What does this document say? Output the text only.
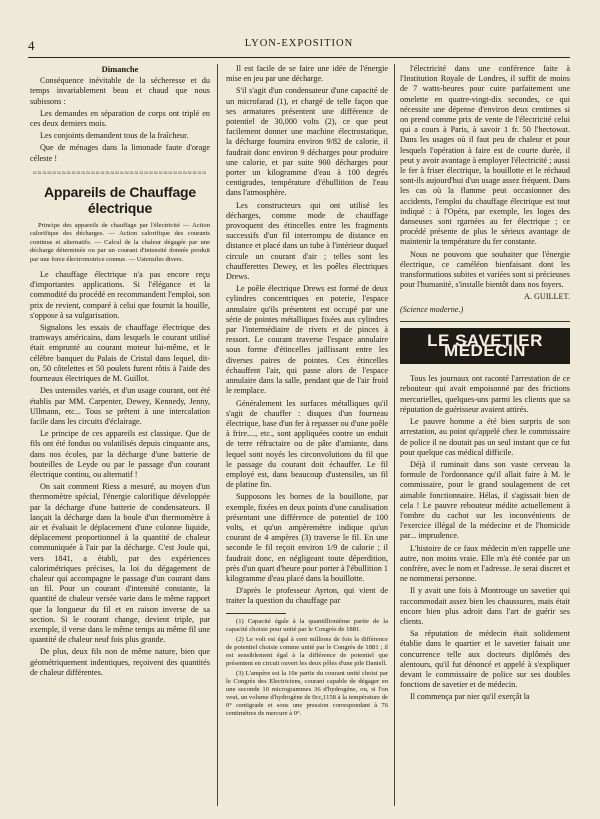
4	LYON-EXPOSITION

Dimanche

Conséquence inévitable de la sécheresse et du temps invariablement beau et chaud que nous subissons :

Les demandes en séparation de corps ont triplé en ces deux derniers mois.

Les conjoints demandent tous de la fraîcheur.

Que de ménages dans la limonade faute d'orage céleste !

≈≈≈≈≈≈≈≈≈≈≈≈≈≈≈≈≈≈≈≈≈≈≈≈≈≈≈≈≈≈≈≈≈≈≈≈

Appareils de Chauffage électrique

Principe des appareils de chauffage par l'électricité — Action calorifique des décharges. — Action calorifique des courants continus et alternatifs. — Calcul de la chaleur dégagée par une décharge déterminée ou par un courant d'intensité donnée produit par une force électromotrice connue. — Ustensiles divers.

Le chauffage électrique n'a pas encore reçu d'importantes applications. Si l'élégance et la commodité du procédé en recommandent l'emploi, son prix de revient, comparé à celui que fournit la houille, s'oppose à sa vulgarisation.

Signalons les essais de chauffage électrique des tramways américains, dans lesquels le courant utilisé était emprunté au courant moteur lui-même, et le célèbre banquet du Palais de Cristal dans lequel, dit-on, 50 côtelettes et 50 poulets furent rôtis à l'aide des fourneaux électriques de M. Guillot.

Des ustensiles variés, et d'un usage courant, ont été établis par MM. Carpenter, Dewey, Kennedy, Jenny, Ullmann, etc... Tous se prêtent à une intercalation facile dans les circuits d'éclairage.

Le principe de ces appareils est classique. Que de fils ont été fondus ou volatilisés depuis cinquante ans, dans nos écoles, par la décharge d'une batterie de bouteilles de Leyde ou par le passage d'un courant électrique continu, ou alternatif !

On sait comment Riess a mesuré, au moyen d'un thermomètre spécial, l'énergie calorifique développée par la décharge d'une batterie de condensateurs. Il lançait la décharge dans la boule d'un thermomètre à air et évaluait le déplacement d'une colonne liquide, déplacement proportionnel à la quantité de chaleur communiquée à l'air par la décharge. C'est Joule qui, vers 1841, a établi, par des expériences calorimétriques précises, la loi du dégagement de chaleur qui accompagne le passage d'un courant dans un fil. Pour un courant d'intensité constante, la quantité de chaleur versée varie dans le même rapport que la longueur du fil et en raison inverse de sa section. Si le courant change, devient triple, par exemple, il verse dans le même temps au même fil une quantité de chaleur neuf fois plus grande.

De plus, deux fils non de même nature, bien que géométriquement indentiques, reçoivent des quantités de chaleur différentes.

Il est facile de se faire une idée de l'énergie mise en jeu par une décharge.

S'il s'agit d'un condensateur d'une capacité de un microfarad (1), et chargé de telle façon que ses armatures présentent une différence de potentiel de 30,000 volts (2), ce que peut facilement donner une machine électrostatique, la décharge fournira environ 9/82 de calorie, il faudrait donc environ 9 décharges pour produire une calorie, et par suite 900 décharges pour porter un kilogramme d'eau à 100 degrés centigrades, température d'ébullition de l'eau dans l'atmosphère.

Les constructeurs qui ont utilisé les décharges, comme mode de chauffage provoquent des étincelles entre les fragments successifs d'un fil interrompu de distance en distance et placé dans un tube à l'intérieur duquel circule un courant d'air ; telles sont les chaufferettes Dewey, et les poêles électriques Drews.

Le poêle électrique Drews est formé de deux cylindres concentriques en poterie, l'espace annulaire qu'ils présentent est occupé par une série de pointes métalliques fixées aux cylindres par l'intermédiaire de rivets et de pinces à ressort. Le courant traverse l'espace annulaire sous forme d'étincelles jaillissant entre les diverses paires de pointes. Ces étincelles échauffent l'air, qui passe alors de l'espace annulaire dans la salle, pendant que de l'air froid le remplace.

Généralement les surfaces métalliques qu'il s'agit de chauffer : disques d'un fourneau électrique, base d'un fer à repasser ou d'une poêle à frire...., etc., sont appliquées contre un enduit de terre réfractaire ou de pâte d'amiante, dans lequel sont noyés les circonvolutions du fil que le passage du courant doit échauffer. Le fil employé est, dans beaucoup d'ustensiles, un fil de platine fin.

Supposons les bornes de la bouillotte, par exemple, fixées en deux points d'une canalisation présentant une différence de potentiel de 100 volts, et qu'un ampèremètre indique qu'un courant de 4 ampères (3) traverse le fil. En une seconde le fil reçoit environ 1/9 de calorie ; il faudrait donc, en négligeant toute déperdition, près d'un quart d'heure pour porter à l'ébullition 1 kilogramme d'eau placé dans la bouillotte.

D'après le professeur Ayrton, qui vient de traiter la question du chauffage par

(1) Capacité égale à la quantillionième partie de la capacité choisie pour unité par le Congrès de 1881.

(2) Le volt est égal à cent millions de fois la différence de potentiel choisie comme unité par le Congrès de 1881 ; il est sensiblement égal à la différence de potentiel que présentent en circuit ouvert les deux pôles d'une pile Daniell.

(3) L'ampère est la 10e partie du courant unité choisi par le Congrès des Electriciens, courant capable de dégager en une seconde 10 microgrammes 36 d'hydrogène, ou, si l'on veut, un volume d'hydrogène de 0cc,1158 à la température de 0° centigrade et sous une pression correspondant à 76 centimètres de mercure à 0°.

l'électricité dans une conférence faite à l'Institution Royale de Londres, il suffit de moins de 7 watts-heures pour cuire parfaitement une omelette en quatre-vingt-dix secondes, ce qui nécessite une dépense d'environ deux centimes si on prend comme prix de vente de l'électricité celui qui a cours à Paris, à savoir 1 fr. 50 l'hectowat. Dans les usages où il faut peu de chaleur et pour lesquels l'opération à faire est de courte durée, il peut y avoir avantage à employer l'électricité ; aussi le fer à friser électrique, la bouillotte et le réchaud sont-ils aujourd'hui d'un usage assez fréquent. Dans les cas où la flamme peut occasionner des accidents, l'emploi du chauffage électrique est tout indiqué : à l'Opéra, par exemple, les loges des danseuses sont rgarnées au fer électrique ; ce procédé présente de plus le sérieux avantage de maintenir la température du fer constante.

Nous ne pouvons que souhaiter que l'énergie électrique, ce caméléon bienfaisant dont les transformations subites et variées sont si précieuses pour l'humanité, s'installe bientôt dans nos foyers.

A. GUILLET.

(Science moderne.)

LE SAVETIER MÉDECIN

Tous les journaux ont raconté l'arrestation de ce rebouteur qui avait empoisonné par des frictions mercurielles, quelques-uns parmi les clients que sa réputation de guérisseur avaient attirés.

Le pauvre homme a été bien surpris de son arrestation, au point qu'appelé chez le commissaire de police il ne doutait pas un seul instant que ce fut pour quelque cas médical difficile.

Déjà il ruminait dans son vaste cerveau la formule de l'ordonnance qu'il allait faire à M. le commissaire, pour le grand soulagement de cet aimable fonctionnaire. Hélas, il s'agissait bien de cela ! Le pauvre rebouteur médite actuellement à l'ombre du cachot sur les inconvénients de l'exercice illégal de la médecine et de l'homicide par... imprudence.

L'histoire de ce faux médecin m'en rappelle une autre, non moins vraie. Elle m'a été contée par un confrère, avec le nom et l'adresse. Je serai discret et ne nommerai personne.

Il y avait une fois à Montrouge un savetier qui raccommodait assez bien les chaussures, mais était encore bien plus adroit dans l'art de guérir ses clients.

Sa réputation de médecin était solidement établie dans le quartier et le savetier faisait une concurrence telle aux docteurs diplômés des alentours, qu'il fut dénoncé et appelé à s'expliquer devant le commissaire de police sur ses doubles fonctions de savetier et de médecin.

Il commença par nier qu'il exerçât la
